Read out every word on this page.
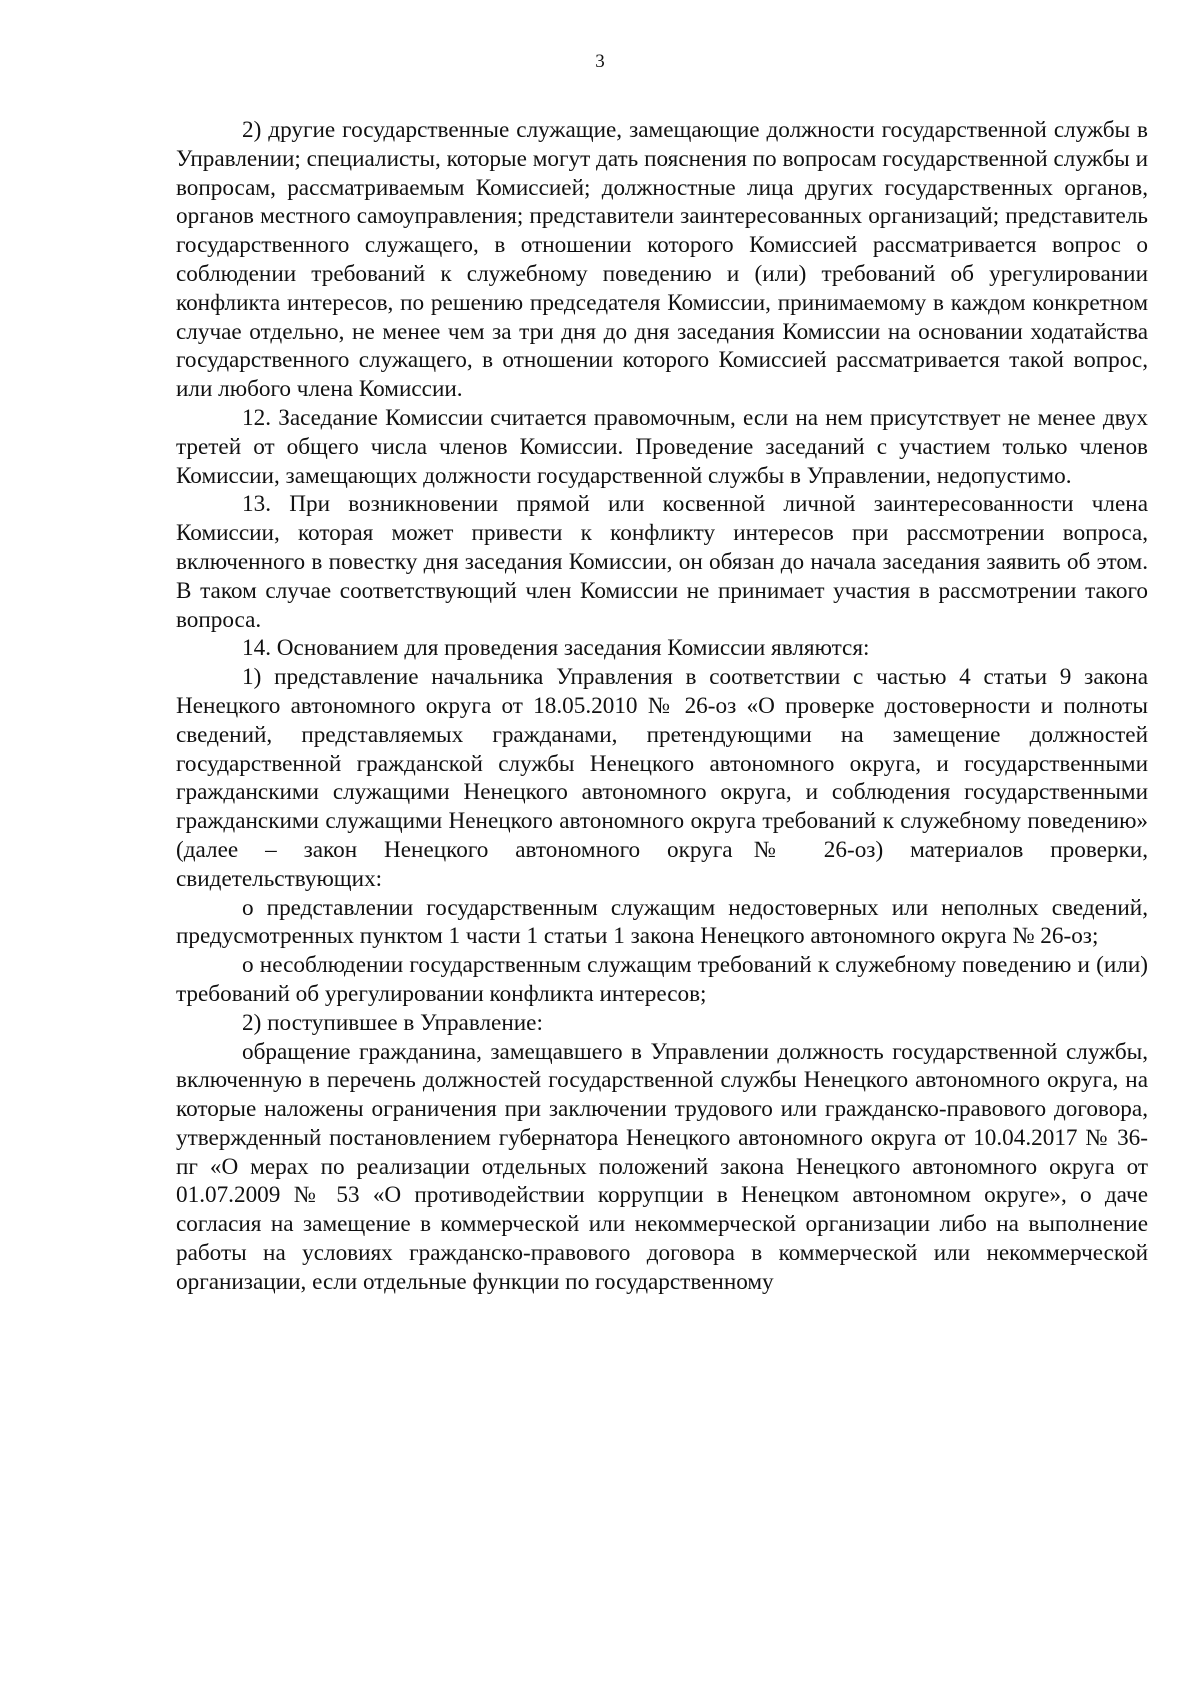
3

2) другие государственные служащие, замещающие должности государственной службы в Управлении; специалисты, которые могут дать пояснения по вопросам государственной службы и вопросам, рассматриваемым Комиссией; должностные лица других государственных органов, органов местного самоуправления; представители заинтересованных организаций; представитель государственного служащего, в отношении которого Комиссией рассматривается вопрос о соблюдении требований к служебному поведению и (или) требований об урегулировании конфликта интересов, по решению председателя Комиссии, принимаемому в каждом конкретном случае отдельно, не менее чем за три дня до дня заседания Комиссии на основании ходатайства государственного служащего, в отношении которого Комиссией рассматривается такой вопрос, или любого члена Комиссии.

12. Заседание Комиссии считается правомочным, если на нем присутствует не менее двух третей от общего числа членов Комиссии. Проведение заседаний с участием только членов Комиссии, замещающих должности государственной службы в Управлении, недопустимо.

13. При возникновении прямой или косвенной личной заинтересованности члена Комиссии, которая может привести к конфликту интересов при рассмотрении вопроса, включенного в повестку дня заседания Комиссии, он обязан до начала заседания заявить об этом. В таком случае соответствующий член Комиссии не принимает участия в рассмотрении такого вопроса.

14. Основанием для проведения заседания Комиссии являются:

1) представление начальника Управления в соответствии с частью 4 статьи 9 закона Ненецкого автономного округа от 18.05.2010 № 26-оз «О проверке достоверности и полноты сведений, представляемых гражданами, претендующими на замещение должностей государственной гражданской службы Ненецкого автономного округа, и государственными гражданскими служащими Ненецкого автономного округа, и соблюдения государственными гражданскими служащими Ненецкого автономного округа требований к служебному поведению» (далее – закон Ненецкого автономного округа№ 26-оз) материалов проверки, свидетельствующих:

о представлении государственным служащим недостоверных или неполных сведений, предусмотренных пунктом 1 части 1 статьи 1 закона Ненецкого автономного округа № 26-оз;

о несоблюдении государственным служащим требований к служебному поведению и (или) требований об урегулировании конфликта интересов;

2) поступившее в Управление:

обращение гражданина, замещавшего в Управлении должность государственной службы, включенную в перечень должностей государственной службы Ненецкого автономного округа, на которые наложены ограничения при заключении трудового или гражданско-правового договора, утвержденный постановлением губернатора Ненецкого автономного округа от 10.04.2017 № 36-пг «О мерах по реализации отдельных положений закона Ненецкого автономного округа от 01.07.2009 № 53 «О противодействии коррупции в Ненецком автономном округе», о даче согласия на замещение в коммерческой или некоммерческой организации либо на выполнение работы на условиях гражданско-правового договора в коммерческой или некоммерческой организации, если отдельные функции по государственному
